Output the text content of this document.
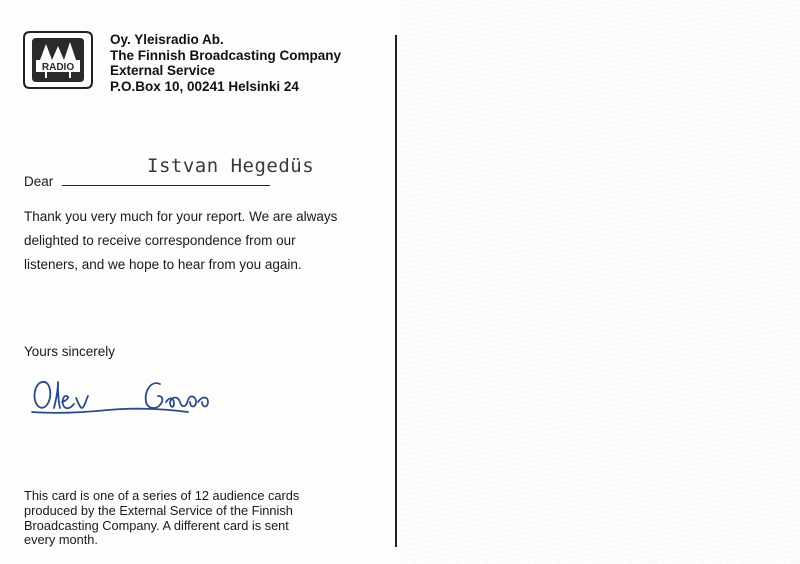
RADIO
Oy. Yleisradio Ab.
The Finnish Broadcasting Company
External Service
P.O.Box 10, 00241 Helsinki 24
Dear
Istvan Hegedüs
Thank you very much for your report. We are always
delighted to receive correspondence from our
listeners, and we hope to hear from you again.
Yours sincerely
This card is one of a series of 12 audience cards
produced by the External Service of the Finnish
Broadcasting Company. A different card is sent
every month.
